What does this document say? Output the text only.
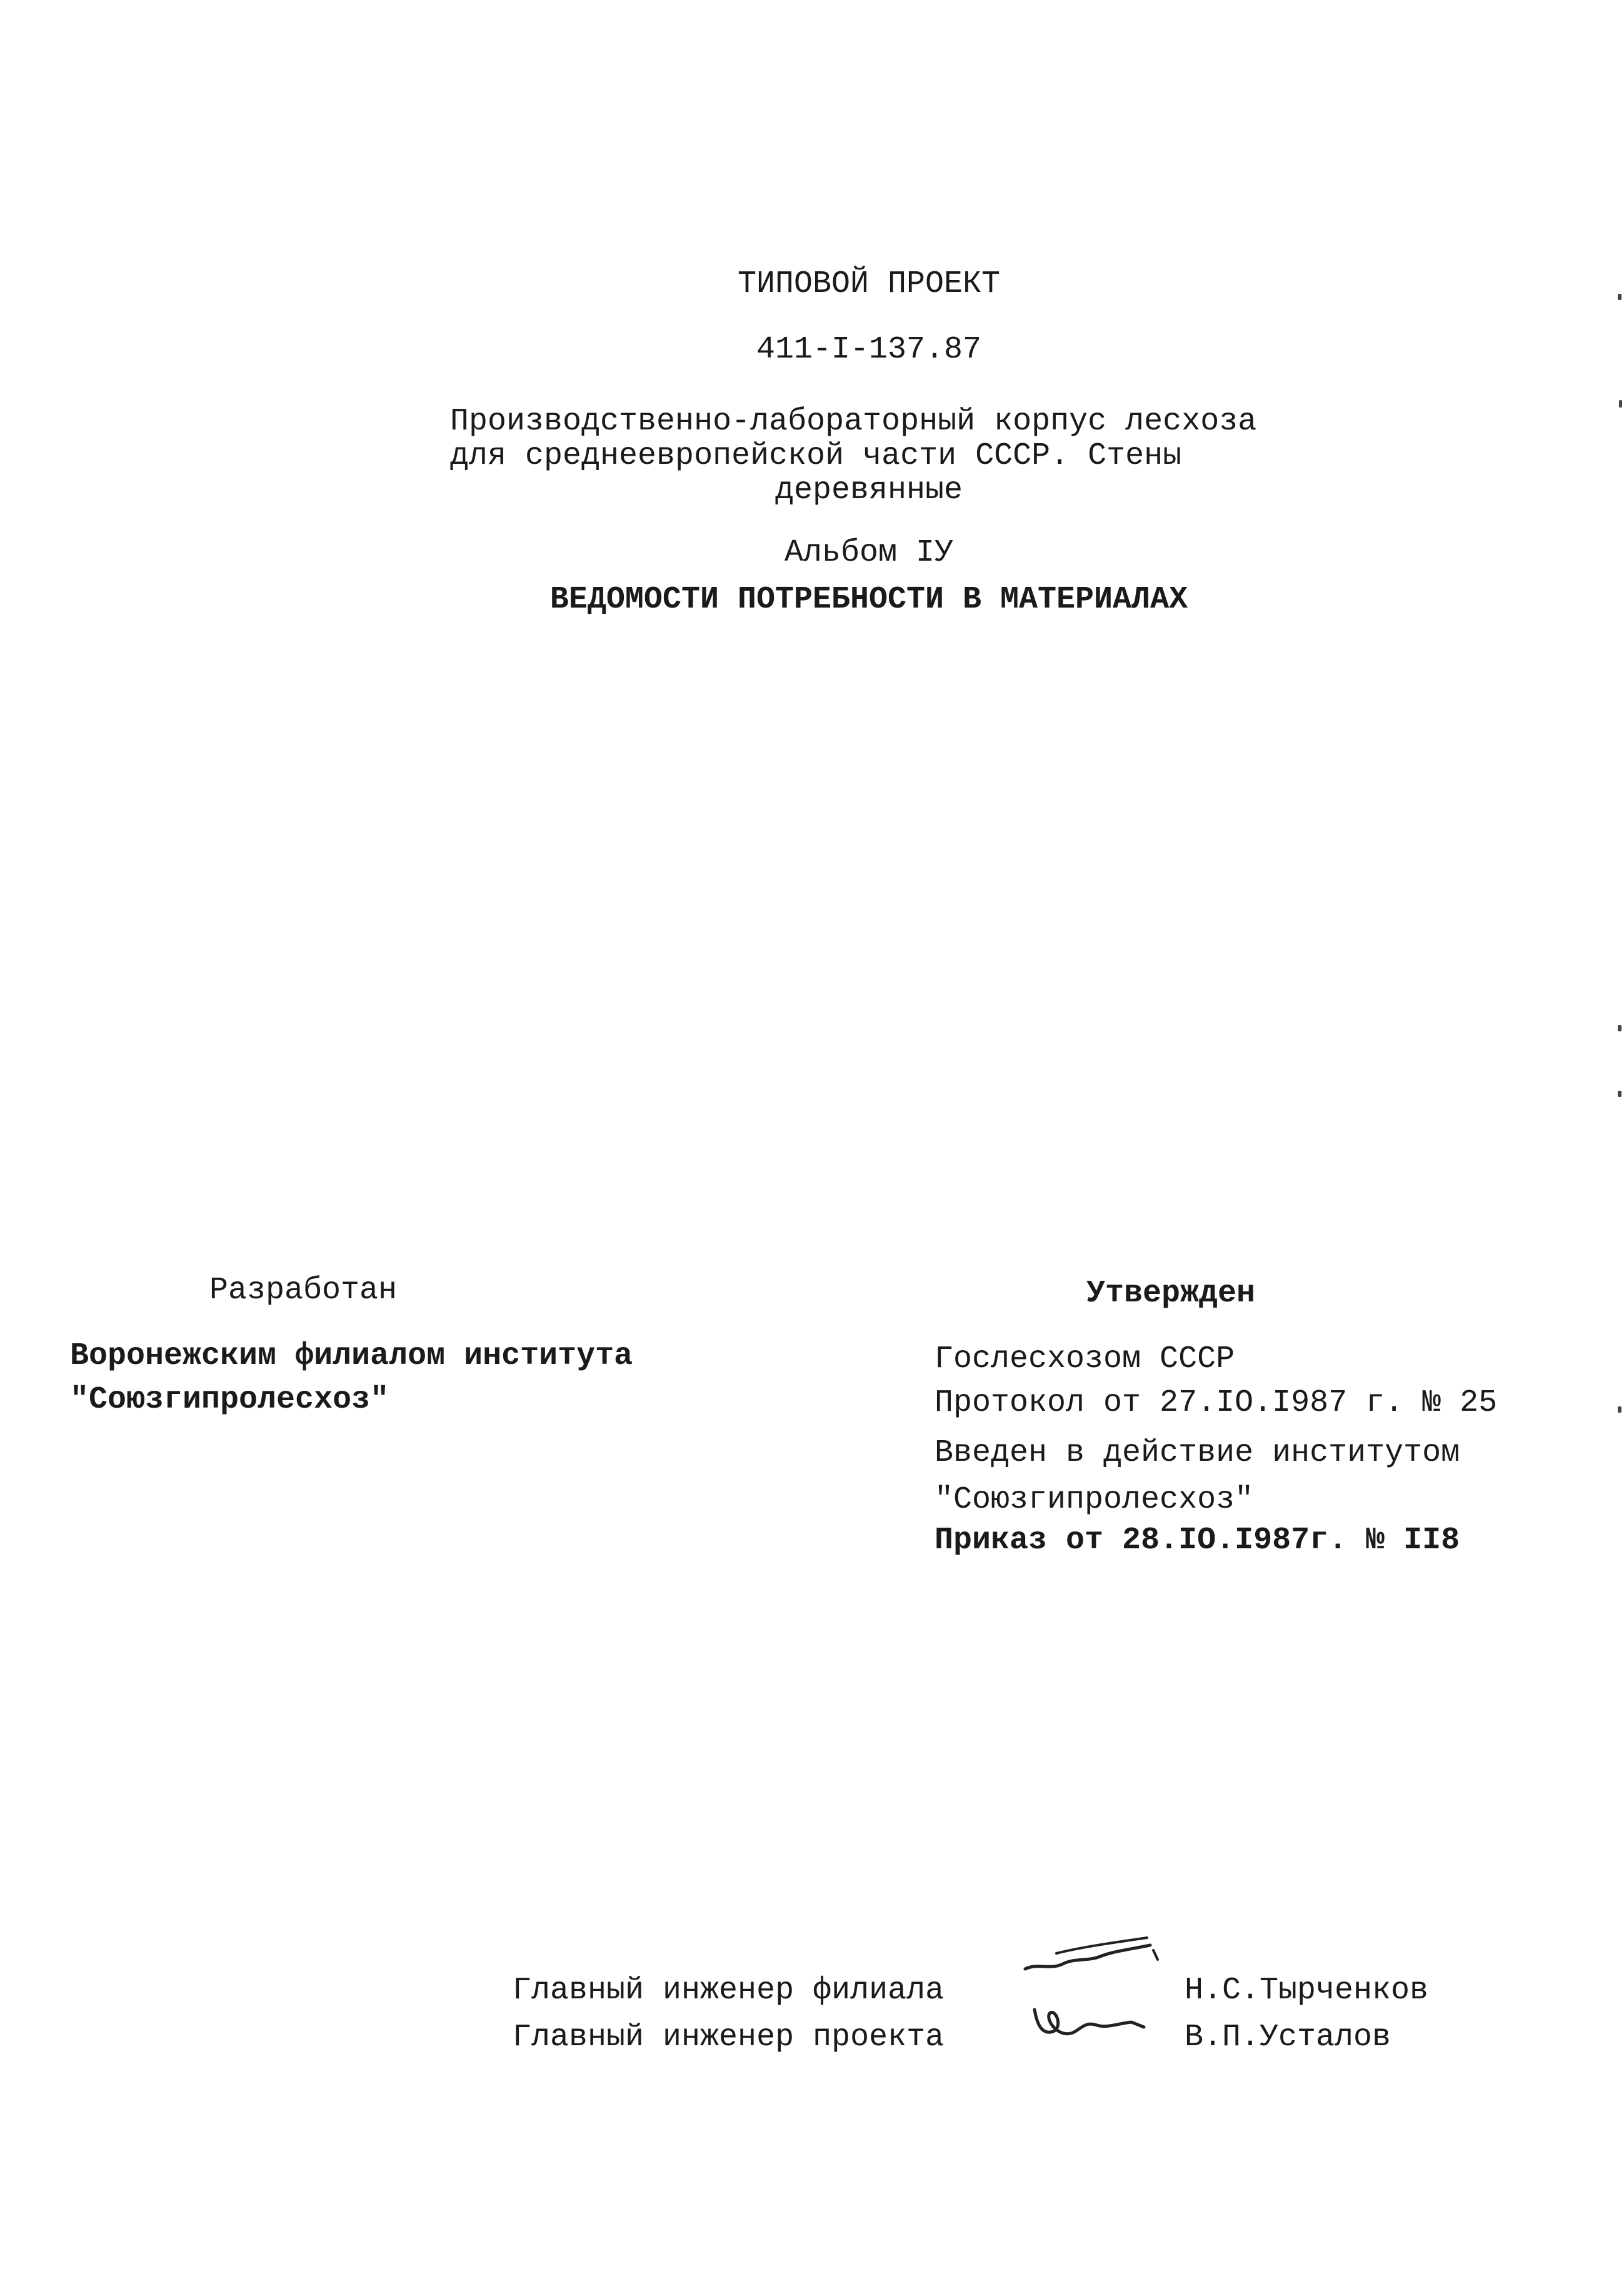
ТИПОВОЙ ПРОЕКТ
411-I-137.87
Производственно-лабораторный корпус лесхоза
для среднеевропейской части СССР. Стены
деревянные
Альбом IУ
ВЕДОМОСТИ ПОТРЕБНОСТИ В МАТЕРИАЛАХ
Разработан
Воронежским филиалом института
"Союзгипролесхоз"
Утвержден
Гослесхозом СССР
Протокол от 27.IO.I987 г. № 25
Введен в действие институтом
"Союзгипролесхоз"
Приказ от 28.IO.I987г. № II8
Главный инженер филиала	Н.С.Тырченков
Главный инженер проекта	В.П.Усталов
